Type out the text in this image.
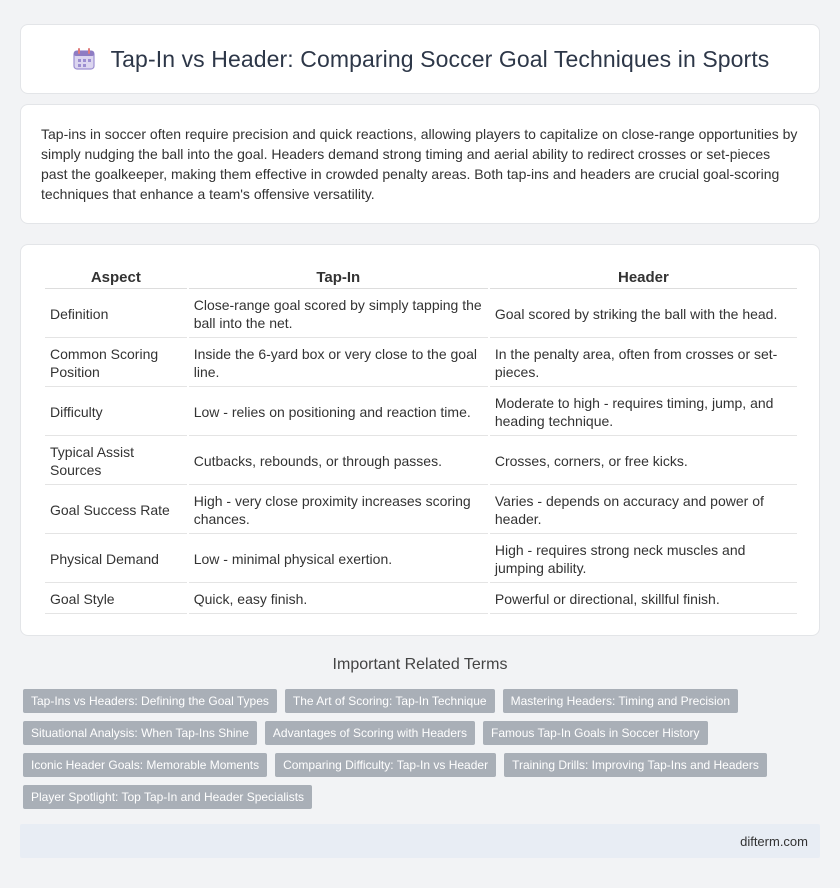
Tap-In vs Header: Comparing Soccer Goal Techniques in Sports

Tap-ins in soccer often require precision and quick reactions, allowing players to capitalize on close-range opportunities by simply nudging the ball into the goal. Headers demand strong timing and aerial ability to redirect crosses or set-pieces past the goalkeeper, making them effective in crowded penalty areas. Both tap-ins and headers are crucial goal-scoring techniques that enhance a team's offensive versatility.

Aspect	Tap-In	Header
Definition	Close-range goal scored by simply tapping the ball into the net.	Goal scored by striking the ball with the head.
Common Scoring Position	Inside the 6-yard box or very close to the goal line.	In the penalty area, often from crosses or set-pieces.
Difficulty	Low - relies on positioning and reaction time.	Moderate to high - requires timing, jump, and heading technique.
Typical Assist Sources	Cutbacks, rebounds, or through passes.	Crosses, corners, or free kicks.
Goal Success Rate	High - very close proximity increases scoring chances.	Varies - depends on accuracy and power of header.
Physical Demand	Low - minimal physical exertion.	High - requires strong neck muscles and jumping ability.
Goal Style	Quick, easy finish.	Powerful or directional, skillful finish.
Important Related Terms
Tap-Ins vs Headers: Defining the Goal Types	The Art of Scoring: Tap-In Technique	Mastering Headers: Timing and Precision
Situational Analysis: When Tap-Ins Shine	Advantages of Scoring with Headers	Famous Tap-In Goals in Soccer History
Iconic Header Goals: Memorable Moments	Comparing Difficulty: Tap-In vs Header	Training Drills: Improving Tap-Ins and Headers
Player Spotlight: Top Tap-In and Header Specialists
difterm.com
